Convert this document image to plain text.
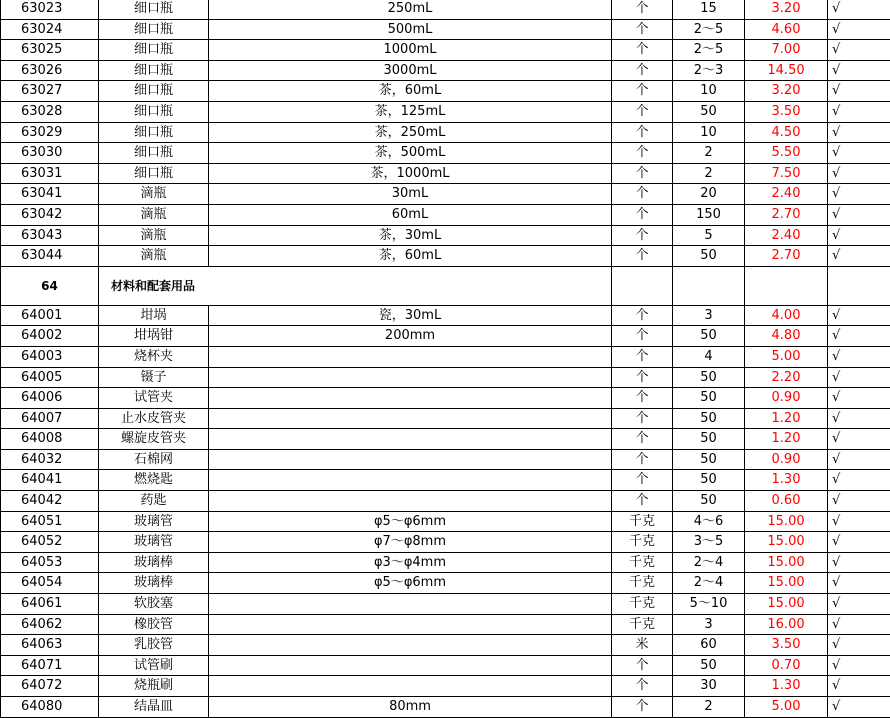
63023	细口瓶	250mL	个	15	3.20	√
63024	细口瓶	500mL	个	2～5	4.60	√
63025	细口瓶	1000mL	个	2～5	7.00	√
63026	细口瓶	3000mL	个	2～3	14.50	√
63027	细口瓶	茶，60mL	个	10	3.20	√
63028	细口瓶	茶，125mL	个	50	3.50	√
63029	细口瓶	茶，250mL	个	10	4.50	√
63030	细口瓶	茶，500mL	个	2	5.50	√
63031	细口瓶	茶，1000mL	个	2	7.50	√
63041	滴瓶	30mL	个	20	2.40	√
63042	滴瓶	60mL	个	150	2.70	√
63043	滴瓶	茶，30mL	个	5	2.40	√
63044	滴瓶	茶，60mL	个	50	2.70	√
64	材料和配套用品					
64001	坩埚	瓷，30mL	个	3	4.00	√
64002	坩埚钳	200mm	个	50	4.80	√
64003	烧杯夹		个	4	5.00	√
64005	镊子		个	50	2.20	√
64006	试管夹		个	50	0.90	√
64007	止水皮管夹		个	50	1.20	√
64008	螺旋皮管夹		个	50	1.20	√
64032	石棉网		个	50	0.90	√
64041	燃烧匙		个	50	1.30	√
64042	药匙		个	50	0.60	√
64051	玻璃管	φ5～φ6mm	千克	4～6	15.00	√
64052	玻璃管	φ7～φ8mm	千克	3～5	15.00	√
64053	玻璃棒	φ3～φ4mm	千克	2～4	15.00	√
64054	玻璃棒	φ5～φ6mm	千克	2～4	15.00	√
64061	软胶塞		千克	5～10	15.00	√
64062	橡胶管		千克	3	16.00	√
64063	乳胶管		米	60	3.50	√
64071	试管刷		个	50	0.70	√
64072	烧瓶刷		个	30	1.30	√
64080	结晶皿	80mm	个	2	5.00	√
